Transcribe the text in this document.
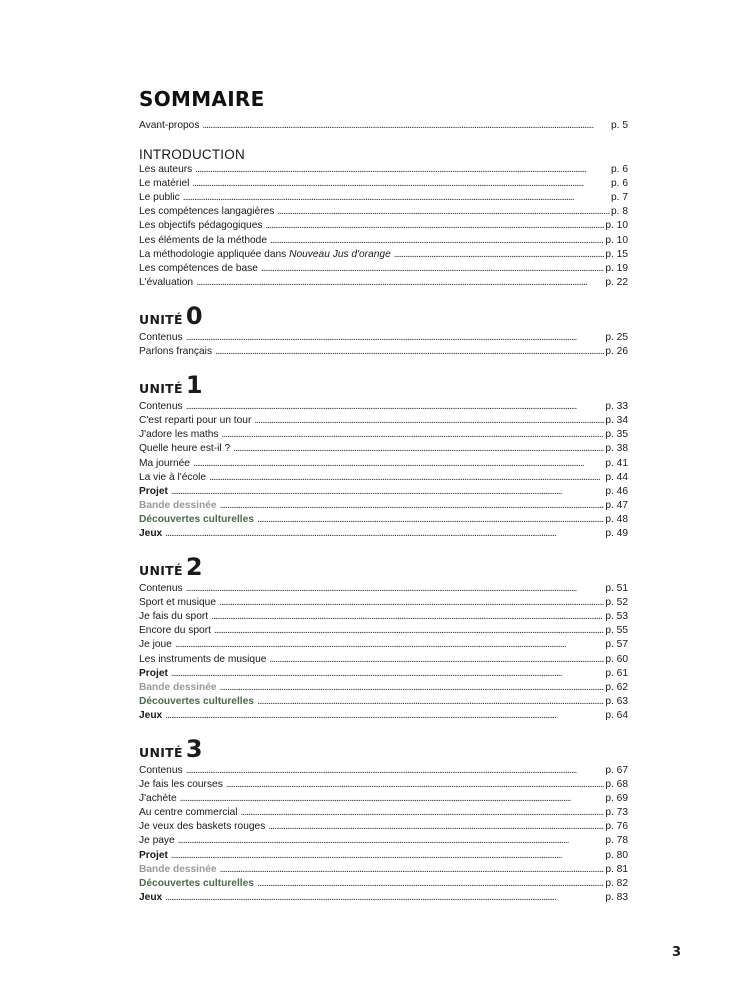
SOMMAIRE
Avant-propos . . .	p. 5
INTRODUCTION
Les auteurs . . .	p. 6
Le matériel . . .	p. 6
Le public . . .	p. 7
Les compétences langagières . . .	p. 8
Les objectifs pédagogiques . . .	p. 10
Les éléments de la méthode . . .	p. 10
La méthodologie appliquée dans Nouveau Jus d'orange . . .	p. 15
Les compétences de base . . .	p. 19
L'évaluation . . .	p. 22
UNITÉ 0
Contenus . . .	p. 25
Parlons français . . .	p. 26
UNITÉ 1
Contenus . . .	p. 33
C'est reparti pour un tour . . .	p. 34
J'adore les maths . . .	p. 35
Quelle heure est-il ? . . .	p. 38
Ma journée . . .	p. 41
La vie à l'école . . .	p. 44
Projet . . .	p. 46
Bande dessinée . . .	p. 47
Découvertes culturelles . . .	p. 48
Jeux . . .	p. 49
UNITÉ 2
Contenus . . .	p. 51
Sport et musique . . .	p. 52
Je fais du sport . . .	p. 53
Encore du sport . . .	p. 55
Je joue . . .	p. 57
Les instruments de musique . . .	p. 60
Projet . . .	p. 61
Bande dessinée . . .	p. 62
Découvertes culturelles . . .	p. 63
Jeux . . .	p. 64
UNITÉ 3
Contenus . . .	p. 67
Je fais les courses . . .	p. 68
J'achète . . .	p. 69
Au centre commercial . . .	p. 73
Je veux des baskets rouges . . .	p. 76
Je paye . . .	p. 78
Projet . . .	p. 80
Bande dessinée . . .	p. 81
Découvertes culturelles . . .	p. 82
Jeux . . .	p. 83
3
